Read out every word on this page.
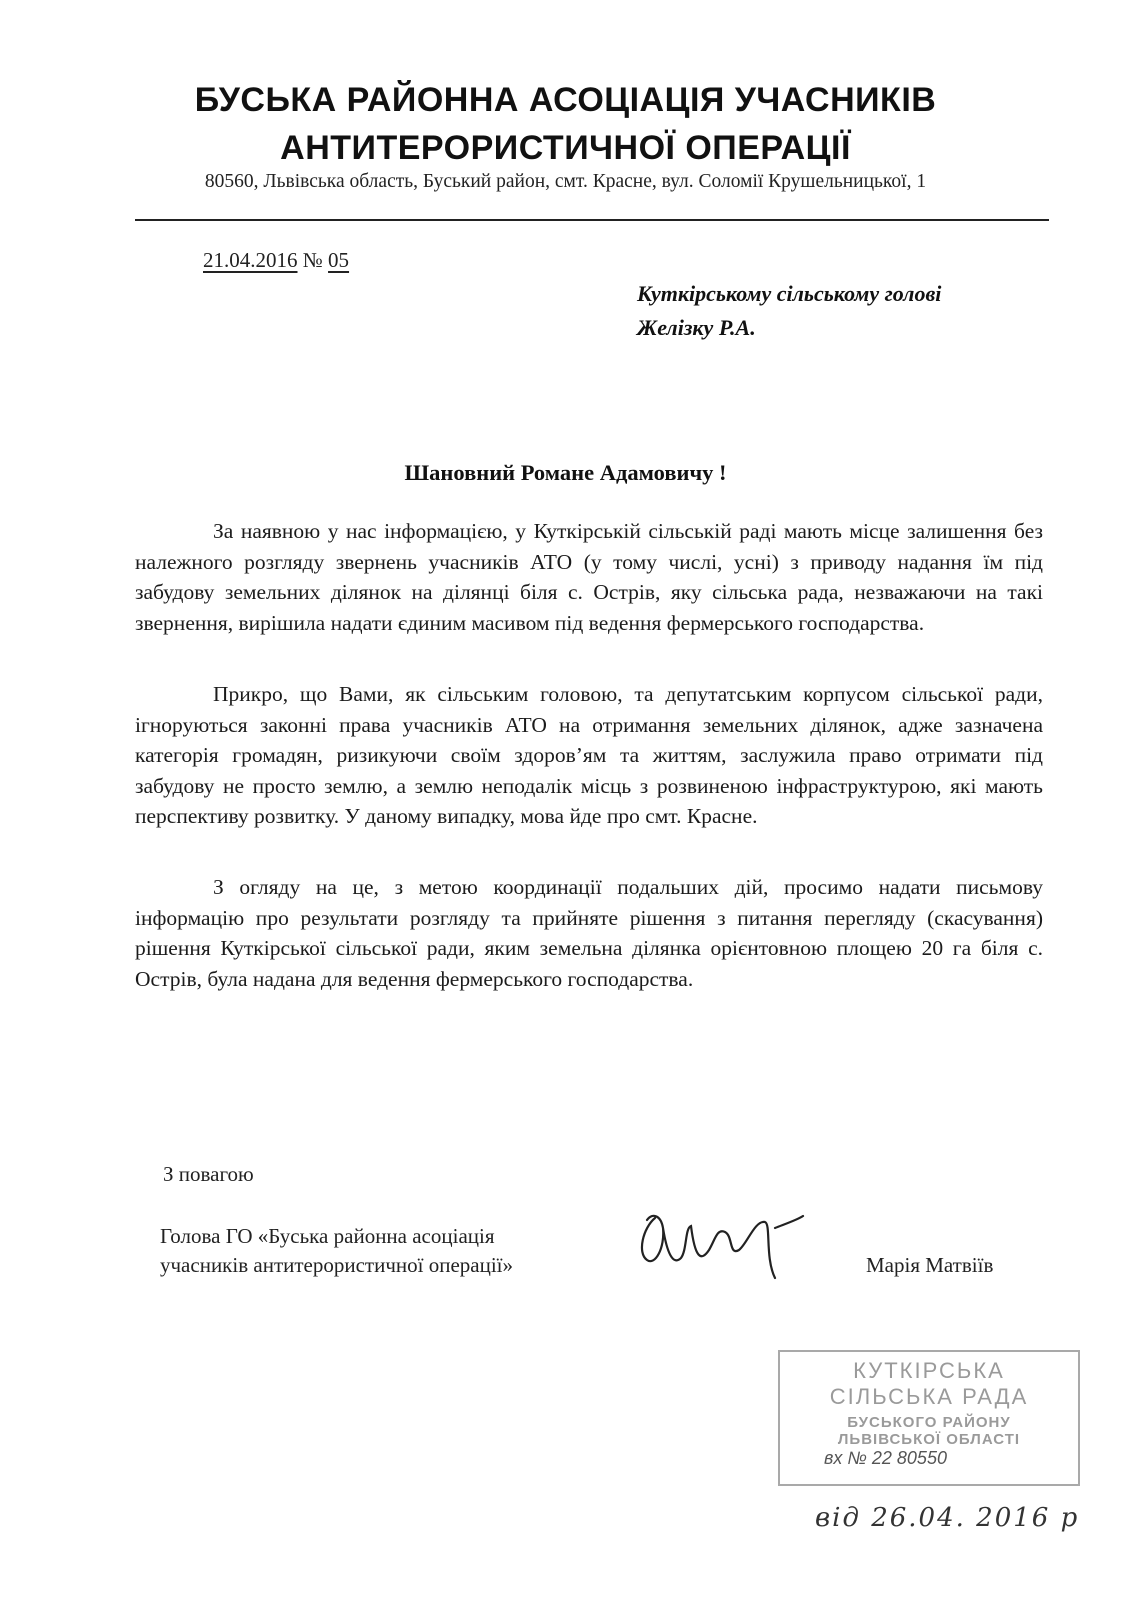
БУСЬКА РАЙОННА АСОЦІАЦІЯ УЧАСНИКІВ
АНТИТЕРОРИСТИЧНОЇ ОПЕРАЦІЇ
80560, Львівська область, Буський район, смт. Красне, вул. Соломії Крушельницької, 1
21.04.2016 № 05
Куткірському сільському голові
Желізку Р.А.
Шановний Романе Адамовичу !

За наявною у нас інформацією, у Куткірській сільській раді мають місце залишення без належного розгляду звернень учасників АТО (у тому числі, усні) з приводу надання їм під забудову земельних ділянок на ділянці біля с. Острів, яку сільська рада, незважаючи на такі звернення, вирішила надати єдиним масивом під ведення фермерського господарства.

Прикро, що Вами, як сільським головою, та депутатським корпусом сільської ради, ігноруються законні права учасників АТО на отримання земельних ділянок, адже зазначена категорія громадян, ризикуючи своїм здоров’ям та життям, заслужила право отримати під забудову не просто землю, а землю неподалік місць з розвиненою інфраструктурою, які мають перспективу розвитку. У даному випадку, мова йде про смт. Красне.

З огляду на це, з метою координації подальших дій, просимо надати письмову інформацію про результати розгляду та прийняте рішення з питання перегляду (скасування) рішення Куткірської сільської ради, яким земельна ділянка орієнтовною площею 20 га біля с. Острів, була надана для ведення фермерського господарства.

З повагою
Голова ГО «Буська районна асоціація
учасників антитерористичної операції»	Марія Матвіїв
КУТКІРСЬКА
СІЛЬСЬКА РАДА
БУСЬКОГО РАЙОНУ
ЛЬВІВСЬКОЇ ОБЛАСТІ
вх № 22 80550
від 26.04. 2016 р
